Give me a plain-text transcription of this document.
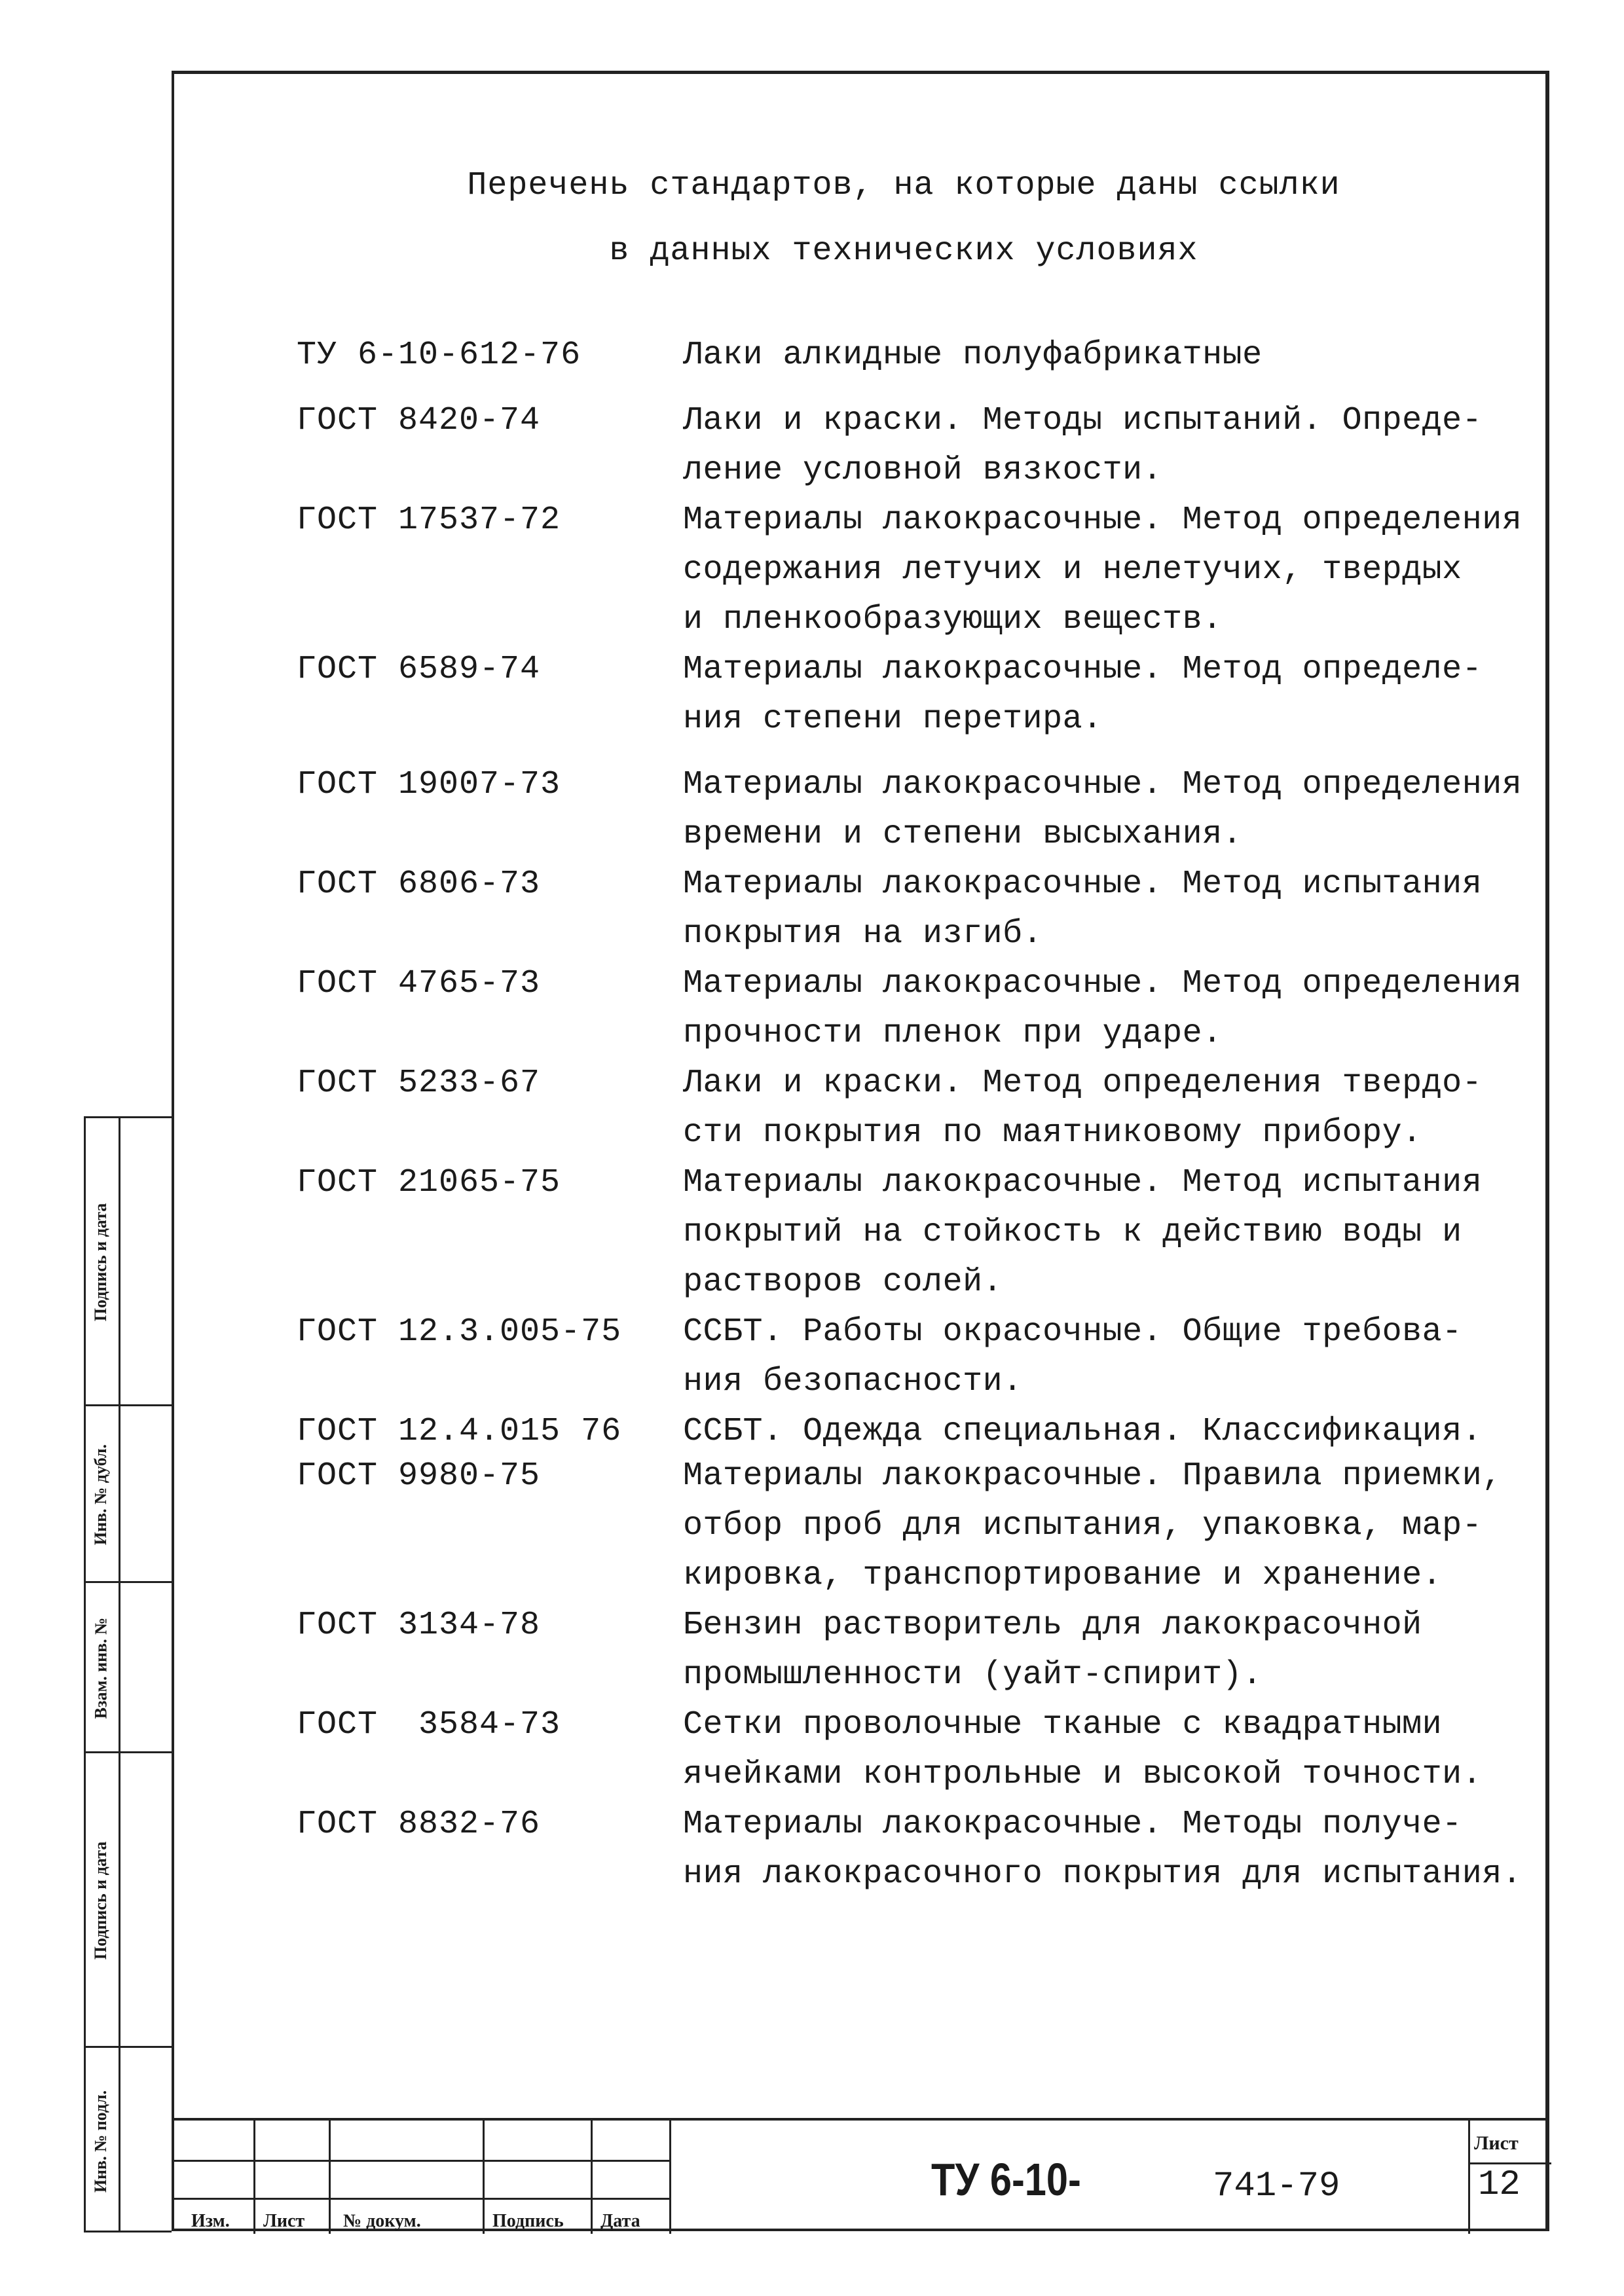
Перечень стандартов, на которые даны ссылки
в данных технических условиях
ТУ 6-10-612-76	Лаки алкидные полуфабрикатные
ГОСТ 8420-74	Лаки и краски. Методы испытаний. Опреде-
ление условной вязкости.
ГОСТ 17537-72	Материалы лакокрасочные. Метод определения
содержания летучих и нелетучих, твердых
и пленкообразующих веществ.
ГОСТ 6589-74	Материалы лакокрасочные. Метод определе-
ния степени перетира.
ГОСТ 19007-73	Материалы лакокрасочные. Метод определения
времени и степени высыхания.
ГОСТ 6806-73	Материалы лакокрасочные. Метод испытания
покрытия на изгиб.
ГОСТ 4765-73	Материалы лакокрасочные. Метод определения
прочности пленок при ударе.
ГОСТ 5233-67	Лаки и краски. Метод определения твердо-
сти покрытия по маятниковому прибору.
ГОСТ 21065-75	Материалы лакокрасочные. Метод испытания
покрытий на стойкость к действию воды и
растворов солей.
ГОСТ 12.3.005-75	ССБТ. Работы окрасочные. Общие требова-
ния безопасности.
ГОСТ 12.4.015 76	ССБТ. Одежда специальная. Классификация.
ГОСТ 9980-75	Материалы лакокрасочные. Правила приемки,
отбор проб для испытания, упаковка, мар-
кировка, транспортирование и хранение.
ГОСТ 3134-78	Бензин растворитель для лакокрасочной
промышленности (уайт-спирит).
ГОСТ  3584-73	Сетки проволочные тканые с квадратными
ячейками контрольные и высокой точности.
ГОСТ 8832-76	Материалы лакокрасочные. Методы получе-
ния лакокрасочного покрытия для испытания.
Подпись и дата
Инв. № дубл.
Взам. инв. №
Подпись и дата
Инв. № подл.
Изм. Лист № докум.	Подпись Дата
ТУ 6-10-	741-79
Лист
12
